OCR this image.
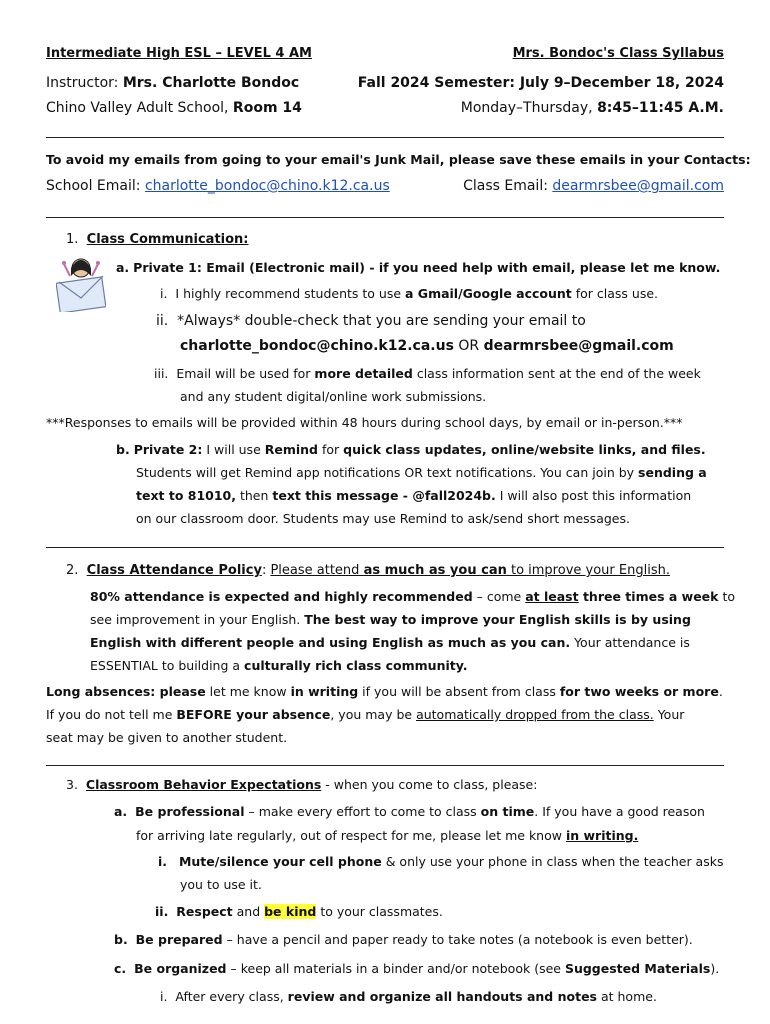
Intermediate High ESL – LEVEL 4 AM	Mrs. Bondoc's Class Syllabus
Instructor: Mrs. Charlotte Bondoc	Fall 2024 Semester: July 9–December 18, 2024
Chino Valley Adult School, Room 14	Monday–Thursday, 8:45–11:45 A.M.
To avoid my emails from going to your email's Junk Mail, please save these emails in your Contacts:
School Email: charlotte_bondoc@chino.k12.ca.us	Class Email: dearmrsbee@gmail.com
1. Class Communication:
a. Private 1: Email (Electronic mail) - if you need help with email, please let me know.
i. I highly recommend students to use a Gmail/Google account for class use.
ii. *Always* double-check that you are sending your email to
charlotte_bondoc@chino.k12.ca.us OR dearmrsbee@gmail.com
iii. Email will be used for more detailed class information sent at the end of the week
and any student digital/online work submissions.
***Responses to emails will be provided within 48 hours during school days, by email or in-person.***
b. Private 2: I will use Remind for quick class updates, online/website links, and files.
Students will get Remind app notifications OR text notifications. You can join by sending a
text to 81010, then text this message - @fall2024b. I will also post this information
on our classroom door. Students may use Remind to ask/send short messages.
2. Class Attendance Policy: Please attend as much as you can to improve your English.
80% attendance is expected and highly recommended – come at least three times a week to
see improvement in your English. The best way to improve your English skills is by using
English with different people and using English as much as you can. Your attendance is
ESSENTIAL to building a culturally rich class community.
Long absences: please let me know in writing if you will be absent from class for two weeks or more.
If you do not tell me BEFORE your absence, you may be automatically dropped from the class. Your
seat may be given to another student.
3. Classroom Behavior Expectations - when you come to class, please:
a. Be professional – make every effort to come to class on time. If you have a good reason
for arriving late regularly, out of respect for me, please let me know in writing.
i. Mute/silence your cell phone & only use your phone in class when the teacher asks
you to use it.
ii. Respect and be kind to your classmates.
b. Be prepared – have a pencil and paper ready to take notes (a notebook is even better).
c. Be organized – keep all materials in a binder and/or notebook (see Suggested Materials).
i. After every class, review and organize all handouts and notes at home.
